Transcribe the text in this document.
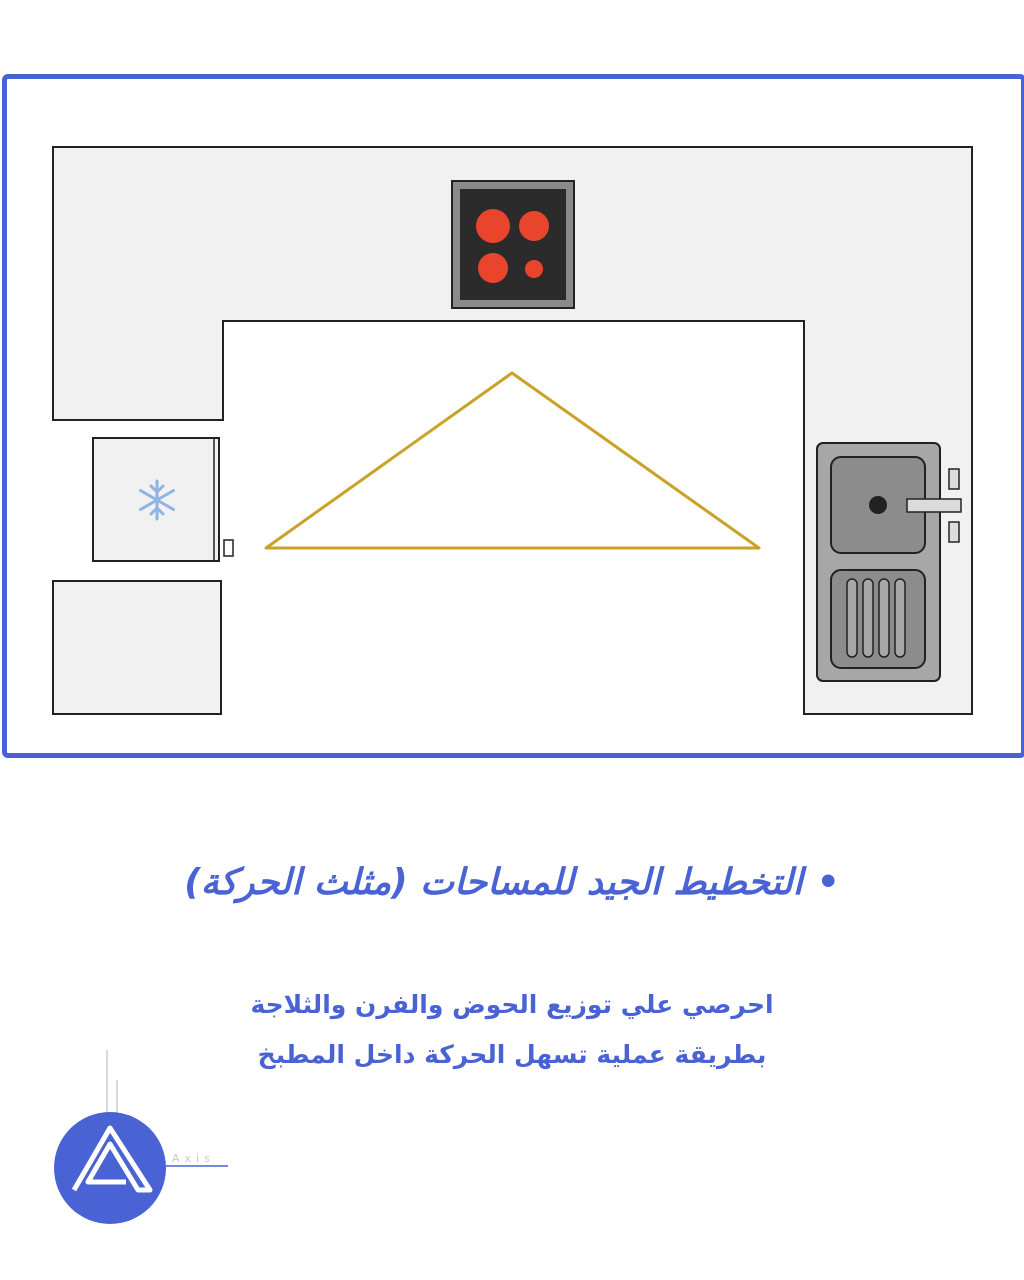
•التخطيط الجيد للمساحات (مثلث الحركة)

احرصي علي توزيع الحوض والفرن والثلاجة

بطريقة عملية تسهل الحركة داخل المطبخ

Axis
